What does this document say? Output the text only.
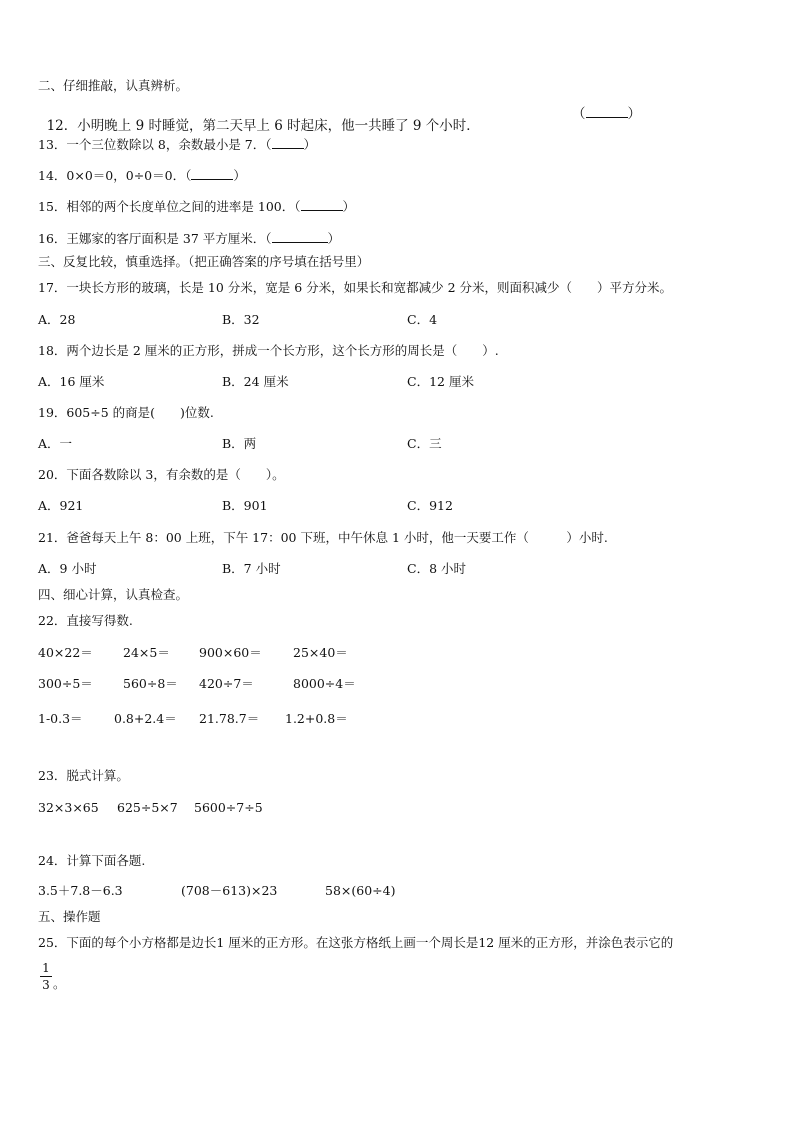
二、仔细推敲，认真辨析。

12．小明晚上 9 时睡觉，第二天早上 6 时起床，他一共睡了 9 个小时．

（	）
13．一个三位数除以 8，余数最小是 7．（	）
14．0×0＝0，0÷0＝0．（	）
15．相邻的两个长度单位之间的进率是 100．（	）
16．王娜家的客厅面积是 37 平方厘米．（	）
三、反复比较，慎重选择。（把正确答案的序号填在括号里）
17．一块长方形的玻璃，长是 10 分米，宽是 6 分米，如果长和宽都减少 2 分米，则面积减少（　　）平方分米。
A．28	B．32	C．4
18．两个边长是 2 厘米的正方形，拼成一个长方形，这个长方形的周长是（　　）.
A．16 厘米	B．24 厘米	C．12 厘米
19．605÷5 的商是(　　)位数.
A．一	B．两	C．三
20．下面各数除以 3，有余数的是（　　）。
A．921	B．901	C．912
21．爸爸每天上午 8：00 上班，下午 17：00 下班，中午休息 1 小时，他一天要工作（　　　）小时.
A．9 小时	B．7 小时	C．8 小时
四、细心计算，认真检查。
22．直接写得数.
40×22＝ 24×5＝ 900×60＝	25×40＝
300÷5＝ 560÷8＝ 420÷7＝	8000÷4＝
1-0.3＝	0.8+2.4＝ 21.78.7＝ 1.2+0.8＝
23．脱式计算。
32×3×65 625÷5×7 5600÷7÷5
24．计算下面各题.
3.5＋7.8－6.3	(708－613)×23	58×(60÷4)
五、操作题
25．下面的每个小方格都是边长1 厘米的正方形。在这张方格纸上画一个周长是12 厘米的正方形，并涂色表示它的
1
3 。
